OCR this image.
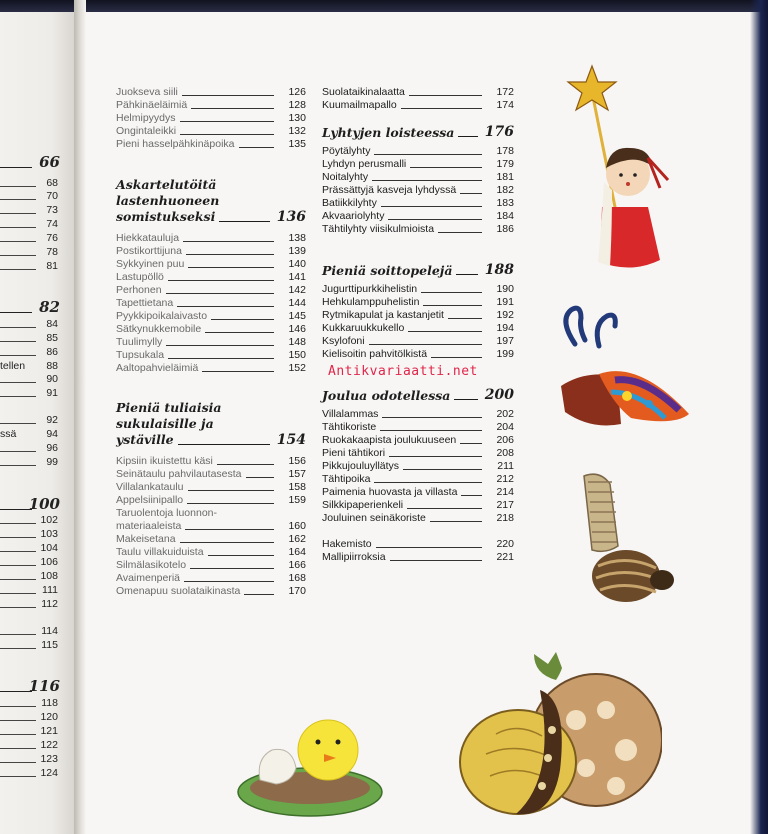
66
68
70
73
74
76
78
81
82
84
85
86
tellen 88
90
91
92
ssä	94
96
99
100
102
103
104
106
108
111
112
114
115
116
118
120
121
122
123
124
Juokseva siili	126
Pähkinäeläimiä	128
Helmipyydys	130
Ongintaleikki	132
Pieni hasselpähkinäpoika	135
Askartelutöitä lastenhuoneen
somistukseksi	136
Hiekkatauluja	138
Postikorttijuna	139
Sykkyinen puu	140
Lastupöllö	141
Perhonen	142
Tapettietana	144
Pyykkipoikalaivasto	145
Sätkynukkemobile	146
Tuulimylly	148
Tupsukala	150
Aaltopahvieläimiä	152
Pieniä tuliaisia sukulaisille ja
ystäville	154
Kipsiin ikuistettu käsi	156
Seinätaulu pahvilautasesta	157
Villalankataulu	158
Appelsiinipallo	159
Taruolentoja luonnon-
materiaaleista	160
Makeisetana	162
Taulu villakuiduista	164
Silmälasikotelo	166
Avaimenperiä	168
Omenapuu suolataikinasta	170
Suolataikinalaatta	172
Kuumailmapallo	174
Lyhtyjen loisteessa 176
Pöytälyhty	178
Lyhdyn perusmalli	179
Noitalyhty	181
Prässättyjä kasveja lyhdyssä	182
Batiikkilyhty	183
Akvaariolyhty	184
Tähtilyhty viisikulmioista	186
Pieniä soittopelejä 188
Jugurttipurkkihelistin	190
Hehkulamppuhelistin	191
Rytmikapulat ja kastanjetit	192
Kukkaruukkukello	194
Ksylofoni	197
Kielisoitin pahvitölkistä	199
Joulua odotellessa 200
Villalammas	202
Tähtikoriste	204
Ruokakaapista joulukuuseen	206
Pieni tähtikori	208
Pikkujouluyllätys	211
Tähtipoika	212
Paimenia huovasta ja villasta	214
Silkkipaperienkeli	217
Jouluinen seinäkoriste	218
Hakemisto	220
Mallipiirroksia	221
Antikvariaatti.net
